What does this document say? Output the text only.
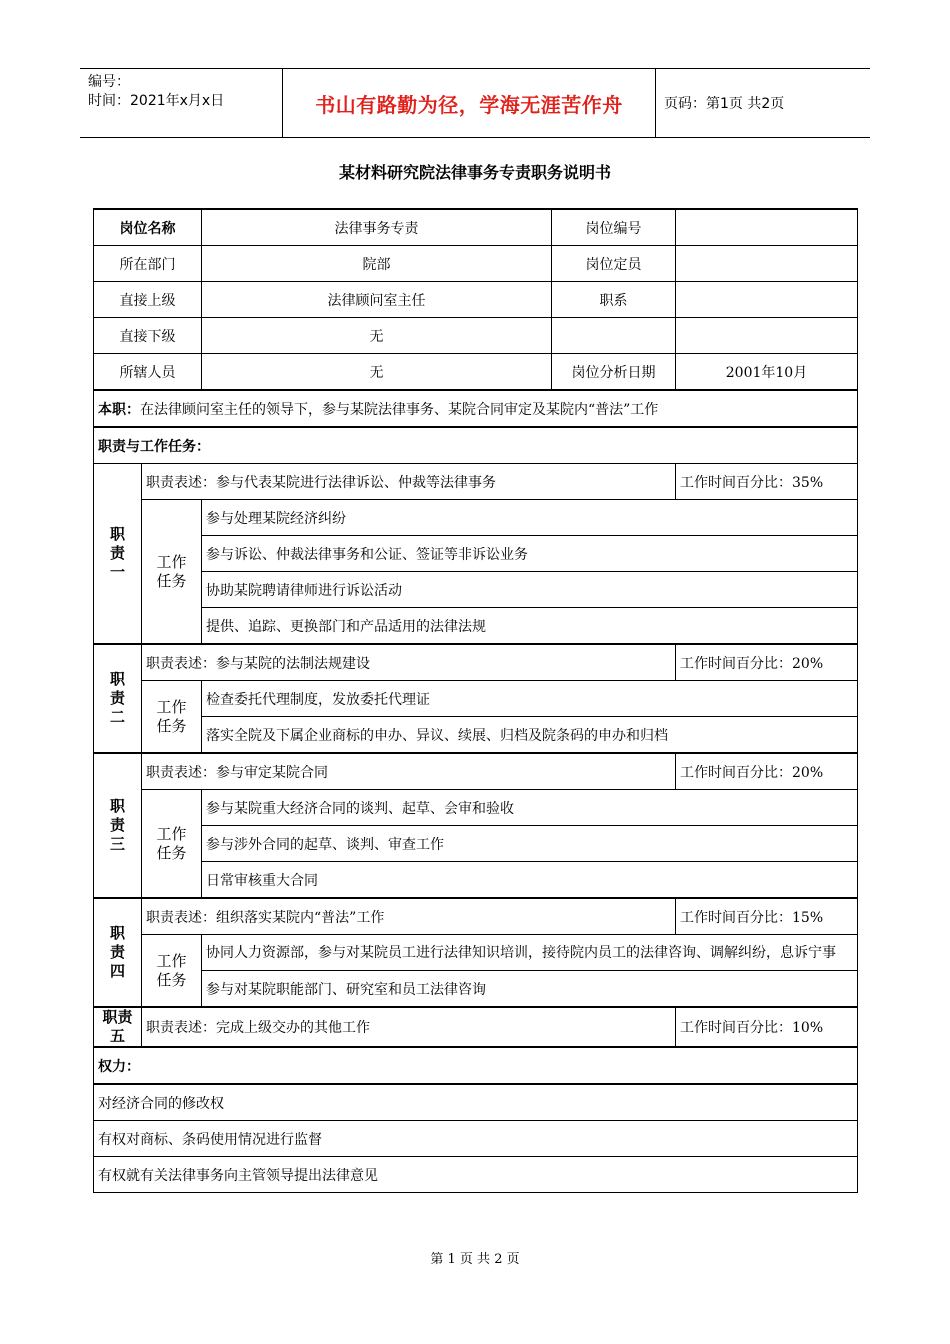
编号：
时间：2021年x月x日	书山有路勤为径，学海无涯苦作舟	页码：第1页 共2页
某材料研究院法律事务专责职务说明书
岗位名称		法律事务专责	岗位编号	
所在部门		院部	岗位定员	
直接上级		法律顾问室主任	职系	
直接下级		无		
所辖人员		无	岗位分析日期	2001年10月
本职：在法律顾问室主任的领导下，参与某院法律事务、某院合同审定及某院内“普法”工作				
职责与工作任务：				

职责一	职责表述：参与代表某院进行法律诉讼、仲裁等法律事务			工作时间百分比：35%

	工作任务	参与处理某院经济纠纷		
		参与诉讼、仲裁法律事务和公证、签证等非诉讼业务		
		协助某院聘请律师进行诉讼活动		
		提供、追踪、更换部门和产品适用的法律法规		

职责二	职责表述：参与某院的法制法规建设			工作时间百分比：20%

	工作任务	检查委托代理制度，发放委托代理证		
		落实全院及下属企业商标的申办、异议、续展、归档及院条码的申办和归档		

职责三	职责表述：参与审定某院合同			工作时间百分比：20%

	工作任务	参与某院重大经济合同的谈判、起草、会审和验收		
		参与涉外合同的起草、谈判、审查工作		
		日常审核重大合同		

职责四	职责表述：组织落实某院内“普法”工作			工作时间百分比：15%

	工作任务	协同人力资源部，参与对某院员工进行法律知识培训，接待院内员工的法律咨询、调解纠纷，息诉宁事		
		参与对某院职能部门、研究室和员工法律咨询		

职责五	职责表述：完成上级交办的其他工作			工作时间百分比：10%
权力：				
对经济合同的修改权				
有权对商标、条码使用情况进行监督				
有权就有关法律事务向主管领导提出法律意见				
第 1 页 共 2 页
